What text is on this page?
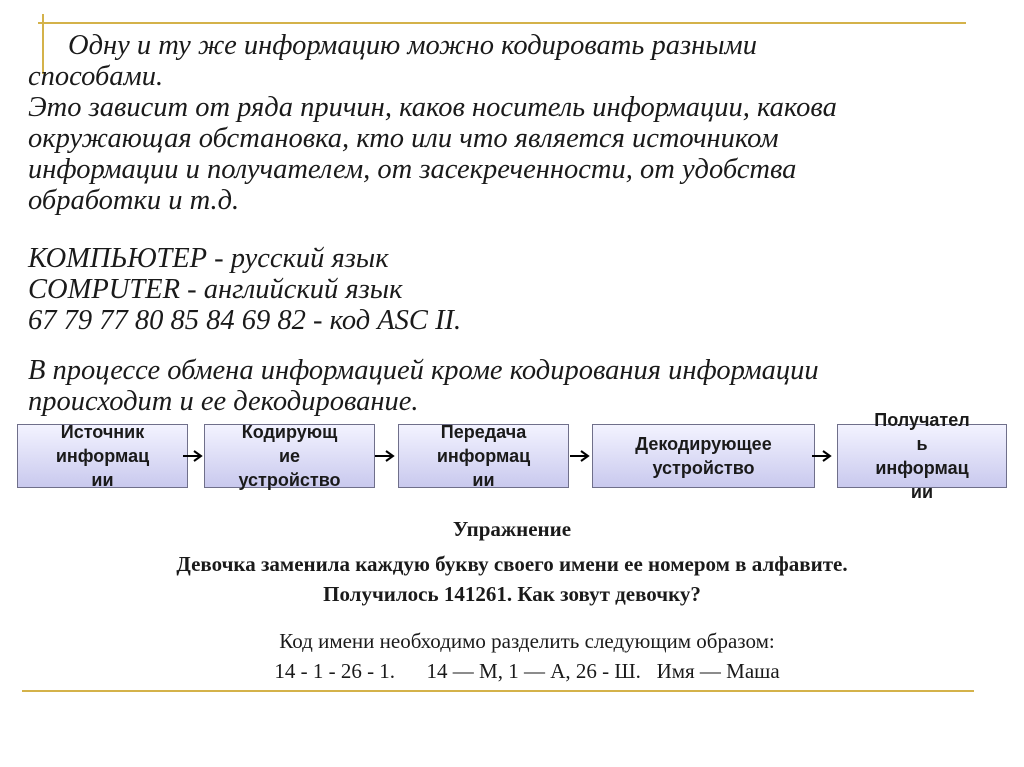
Одну и ту же информацию можно кодировать разными
способами.
Это зависит от ряда причин, каков носитель информации, какова
окружающая обстановка, кто или что является источником
информации и получателем, от засекреченности, от удобства
обработки и т.д.

КОМПЬЮТЕР - русский язык
COMPUTER - английский язык
67 79 77 80 85 84 69 82 - код ASC II.

В процессе обмена информацией кроме кодирования информации
происходит и ее декодирование.

Источник
информац
ии
Кодирующ
ие
устройство
Передача
информац
ии
Декодирующее
устройство
Получател
ь
информац
ии

Упражнение

Девочка заменила каждую букву своего имени ее номером в алфавите.
Получилось 141261. Как зовут девочку?

Код имени необходимо разделить следующим образом:
14 - 1 - 26 - 1.      14 — М, 1 — А, 26 - Ш.   Имя — Маша
